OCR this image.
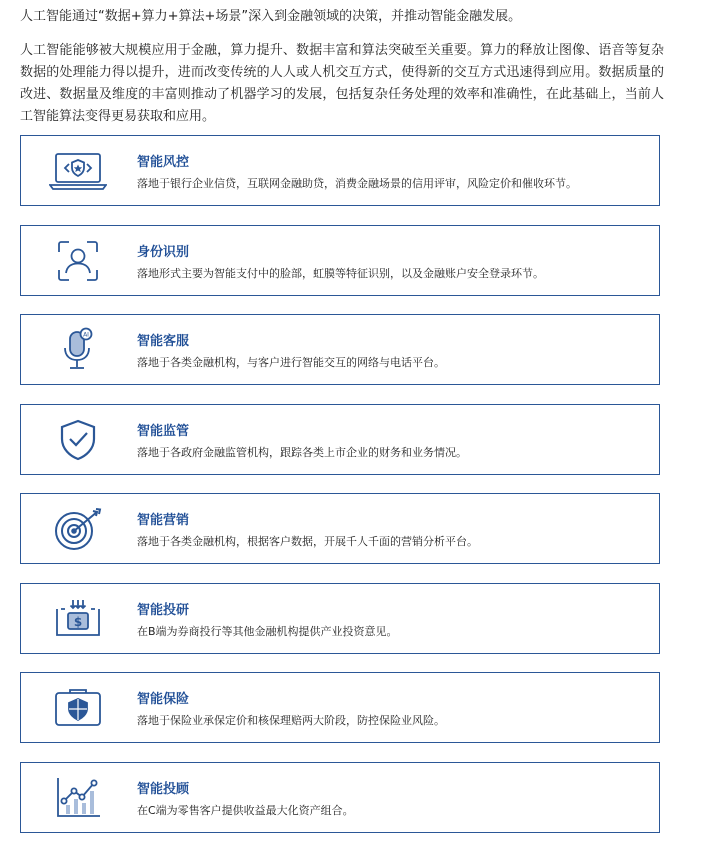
人工智能通过“数据+算力+算法+场景”深入到金融领域的决策，并推动智能金融发展。

人工智能能够被大规模应用于金融，算力提升、数据丰富和算法突破至关重要。算力的释放让图像、语音等复杂数据的处理能力得以提升，进而改变传统的人人或人机交互方式，使得新的交互方式迅速得到应用。数据质量的改进、数据量及维度的丰富则推动了机器学习的发展，包括复杂任务处理的效率和准确性，在此基础上，当前人工智能算法变得更易获取和应用。

智能风控
落地于银行企业信贷，互联网金融助贷，消费金融场景的信用评审，风险定价和催收环节。
身份识别
落地形式主要为智能支付中的脸部，虹膜等特征识别，以及金融账户安全登录环节。
AI	智能客服
落地于各类金融机构，与客户进行智能交互的网络与电话平台。
智能监管
落地于各政府金融监管机构，跟踪各类上市企业的财务和业务情况。
智能营销
落地于各类金融机构，根据客户数据，开展千人千面的营销分析平台。
$
智能投研
在B端为券商投行等其他金融机构提供产业投资意见。
智能保险
落地于保险业承保定价和核保理赔两大阶段，防控保险业风险。
智能投顾
在C端为零售客户提供收益最大化资产组合。
